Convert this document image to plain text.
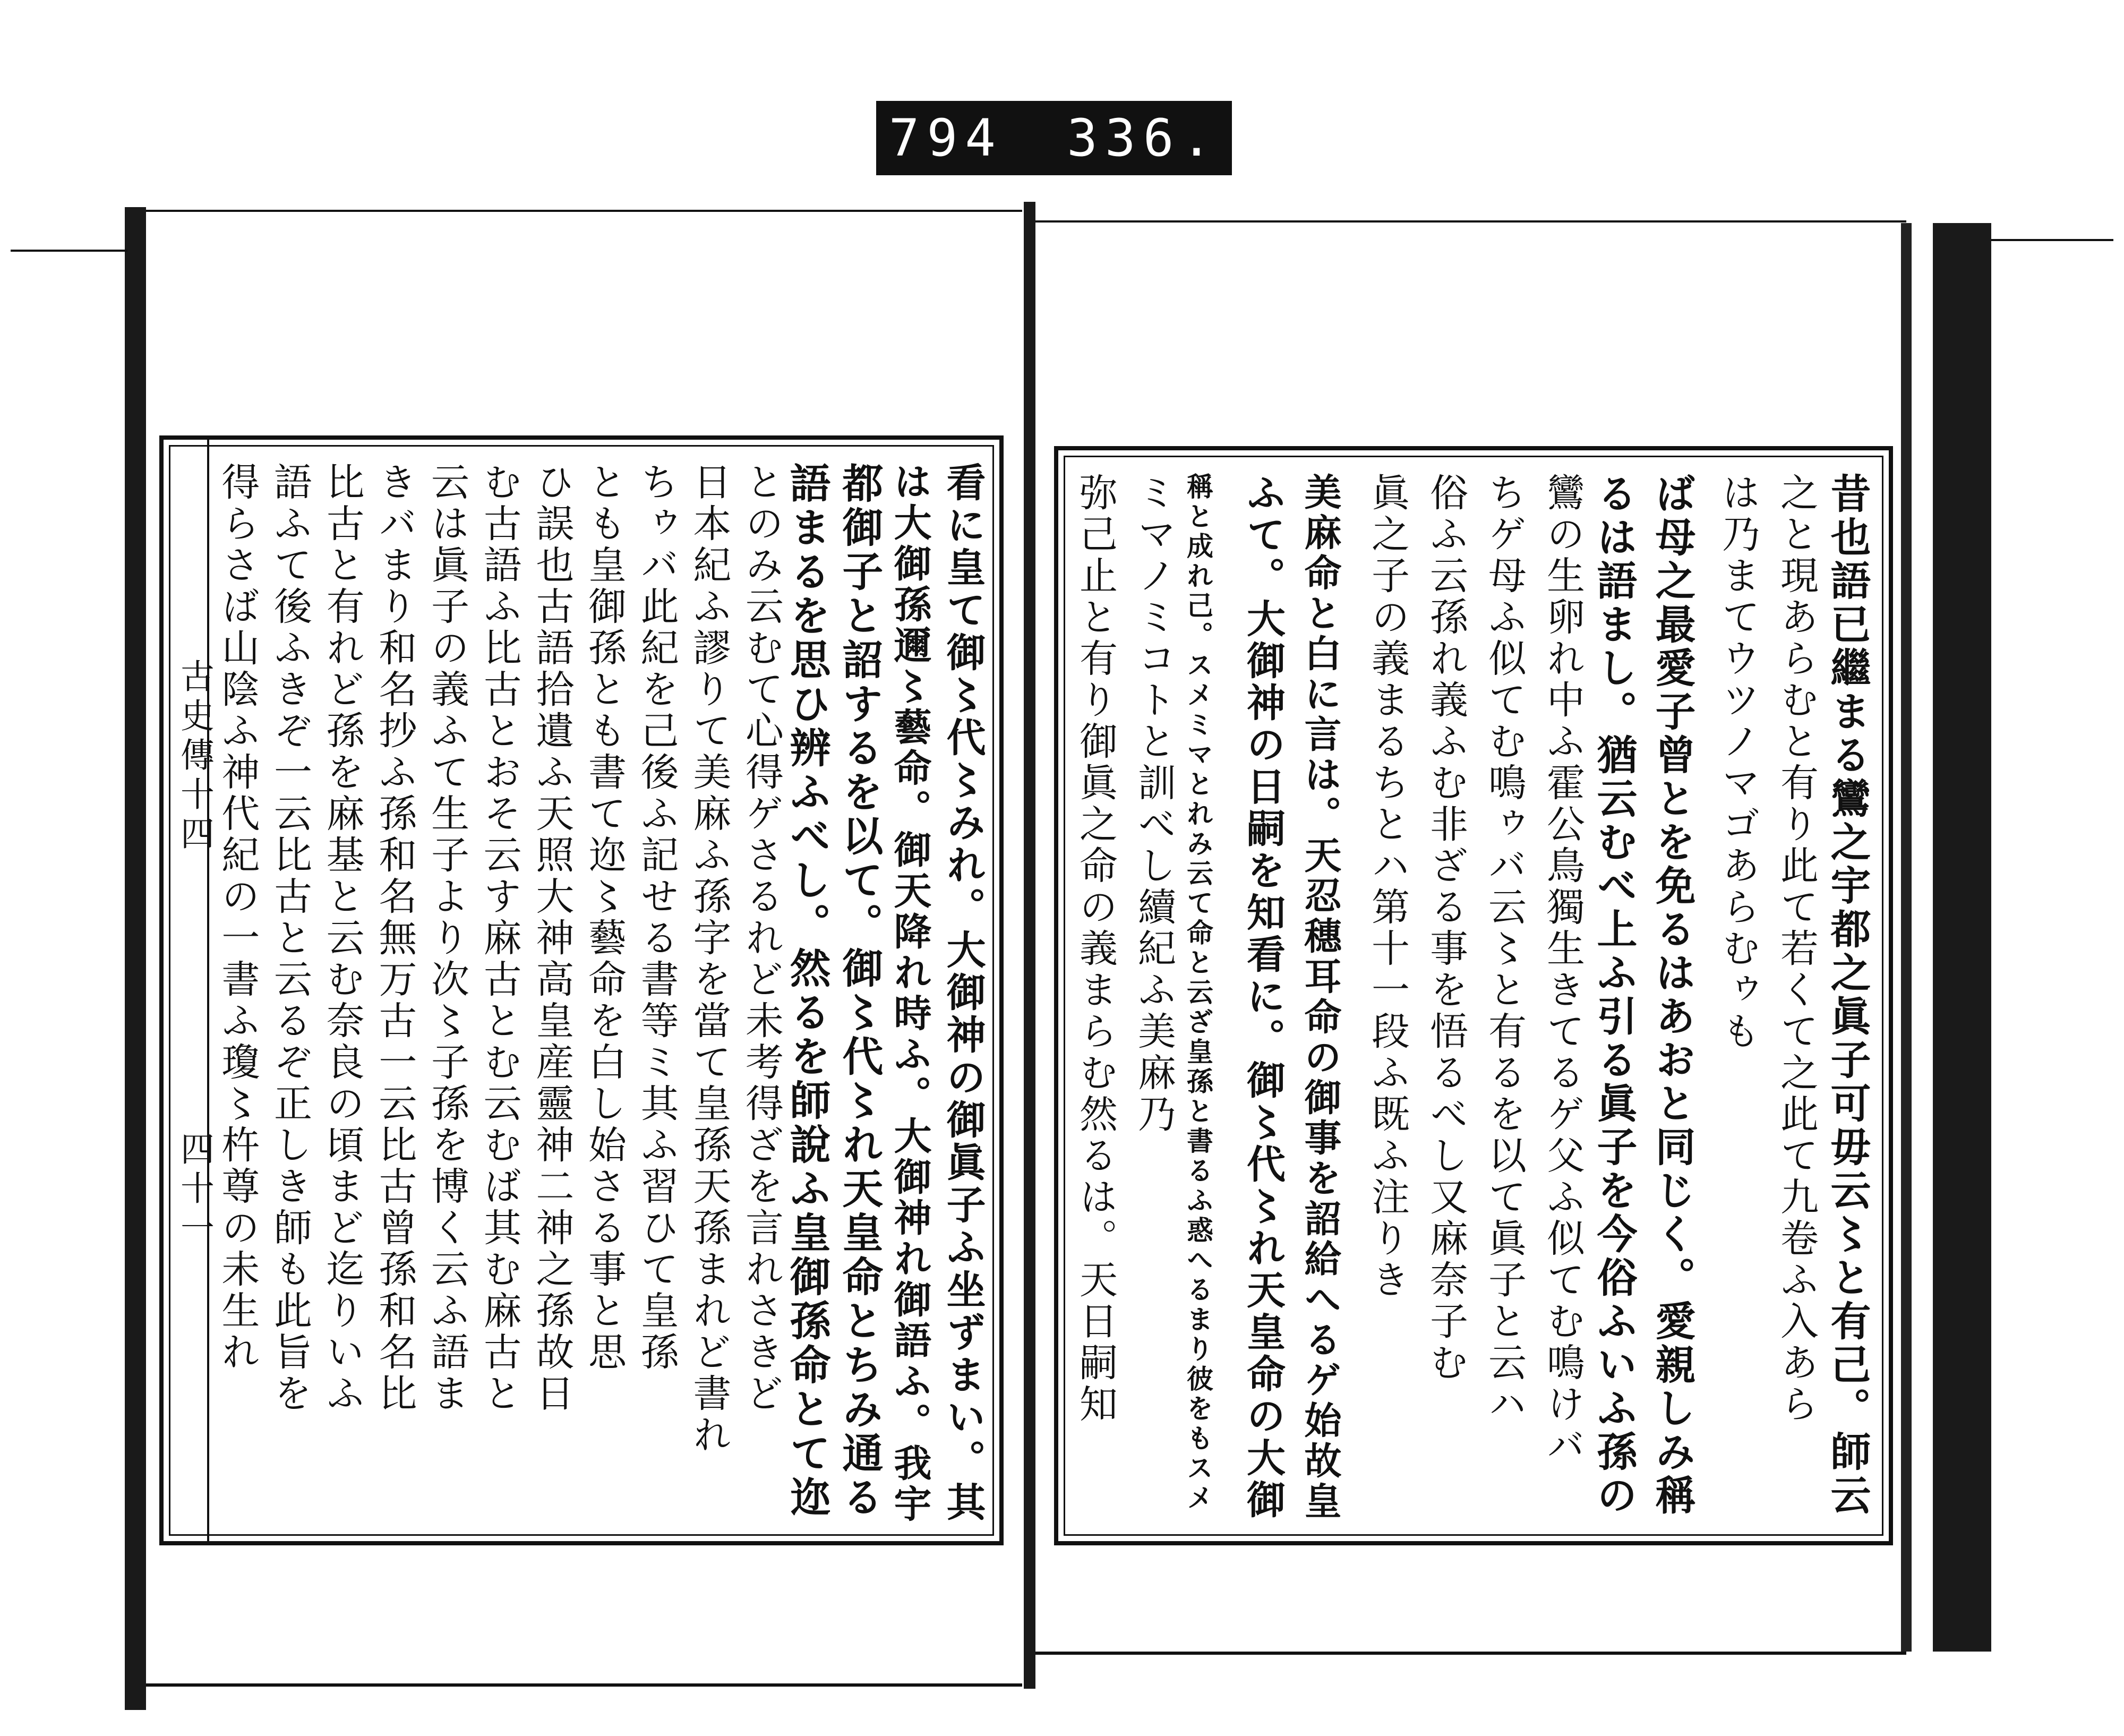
794 336.
古史傳十四
四十一	看に皇て御〻代〻みれ。大御神の御眞子ふ坐ずまい。其
は大御孫邇〻藝命。御天降れ時ふ。大御神れ御語ふ。我宇
都御子と詔するを以て。御〻代〻れ天皇命とちみ通る
語まるを思ひ辨ふべし。然るを師說ふ皇御孫命とて迩
とのみ云むて心得ゲさるれど未考得ざを言れさきど
日本紀ふ謬りて美麻ふ孫字を當て皇孫天孫まれど書れ
ちゥバ此紀を己後ふ記せる書等ミ其ふ習ひて皇孫
とも皇御孫とも書て迩〻藝命を白し始さる事と思
ひ誤也古語拾遺ふ天照大神高皇産靈神二神之孫故日
む古語ふ比古とおそ云す麻古とむ云むば其む麻古と
云は眞子の義ふて生子より次〻子孫を博く云ふ語ま
きバまり和名抄ふ孫和名無万古一云比古曾孫和名比
比古と有れど孫を麻基と云む奈良の頃まど迄りいふ
語ふて後ふきぞ一云比古と云るぞ正しき師も此旨を
得らさば山陰ふ神代紀の一書ふ瓊〻杵尊の未生れ	昔也語已繼まる鸞之宇都之眞子可毋云〻と有己。師云
之と現あらむと有り此て若くて之此て九卷ふ入あら
は乃まてウツノマゴあらむゥも
ば母之最愛子曾とを免るはあおと同じく。愛親しみ稱
るは語まし。猶云むべ上ふ引る眞子を今俗ふいふ孫の
鸞の生卵れ中ふ霍公鳥獨生きてるゲ父ふ似てむ鳴けバ
ちゲ母ふ似てむ鳴ゥバ云〻と有るを以て眞子と云ハ
俗ふ云孫れ義ふむ非ざる事を悟るべし又麻奈子む
眞之子の義まるちとハ第十一段ふ既ふ注りき
美麻命と白に言は。天忍穗耳命の御事を詔給へるゲ始故皇
ふて。大御神の日嗣を知看に。御〻代〻れ天皇命の大御
稱と成れ己。スメミマとれみ云て命と云ざ皇孫と書るふ惑へるまり彼をもスメ
ミマノミコトと訓べし續紀ふ美麻乃
弥己止と有り御眞之命の義まらむ然るは。天日嗣知
